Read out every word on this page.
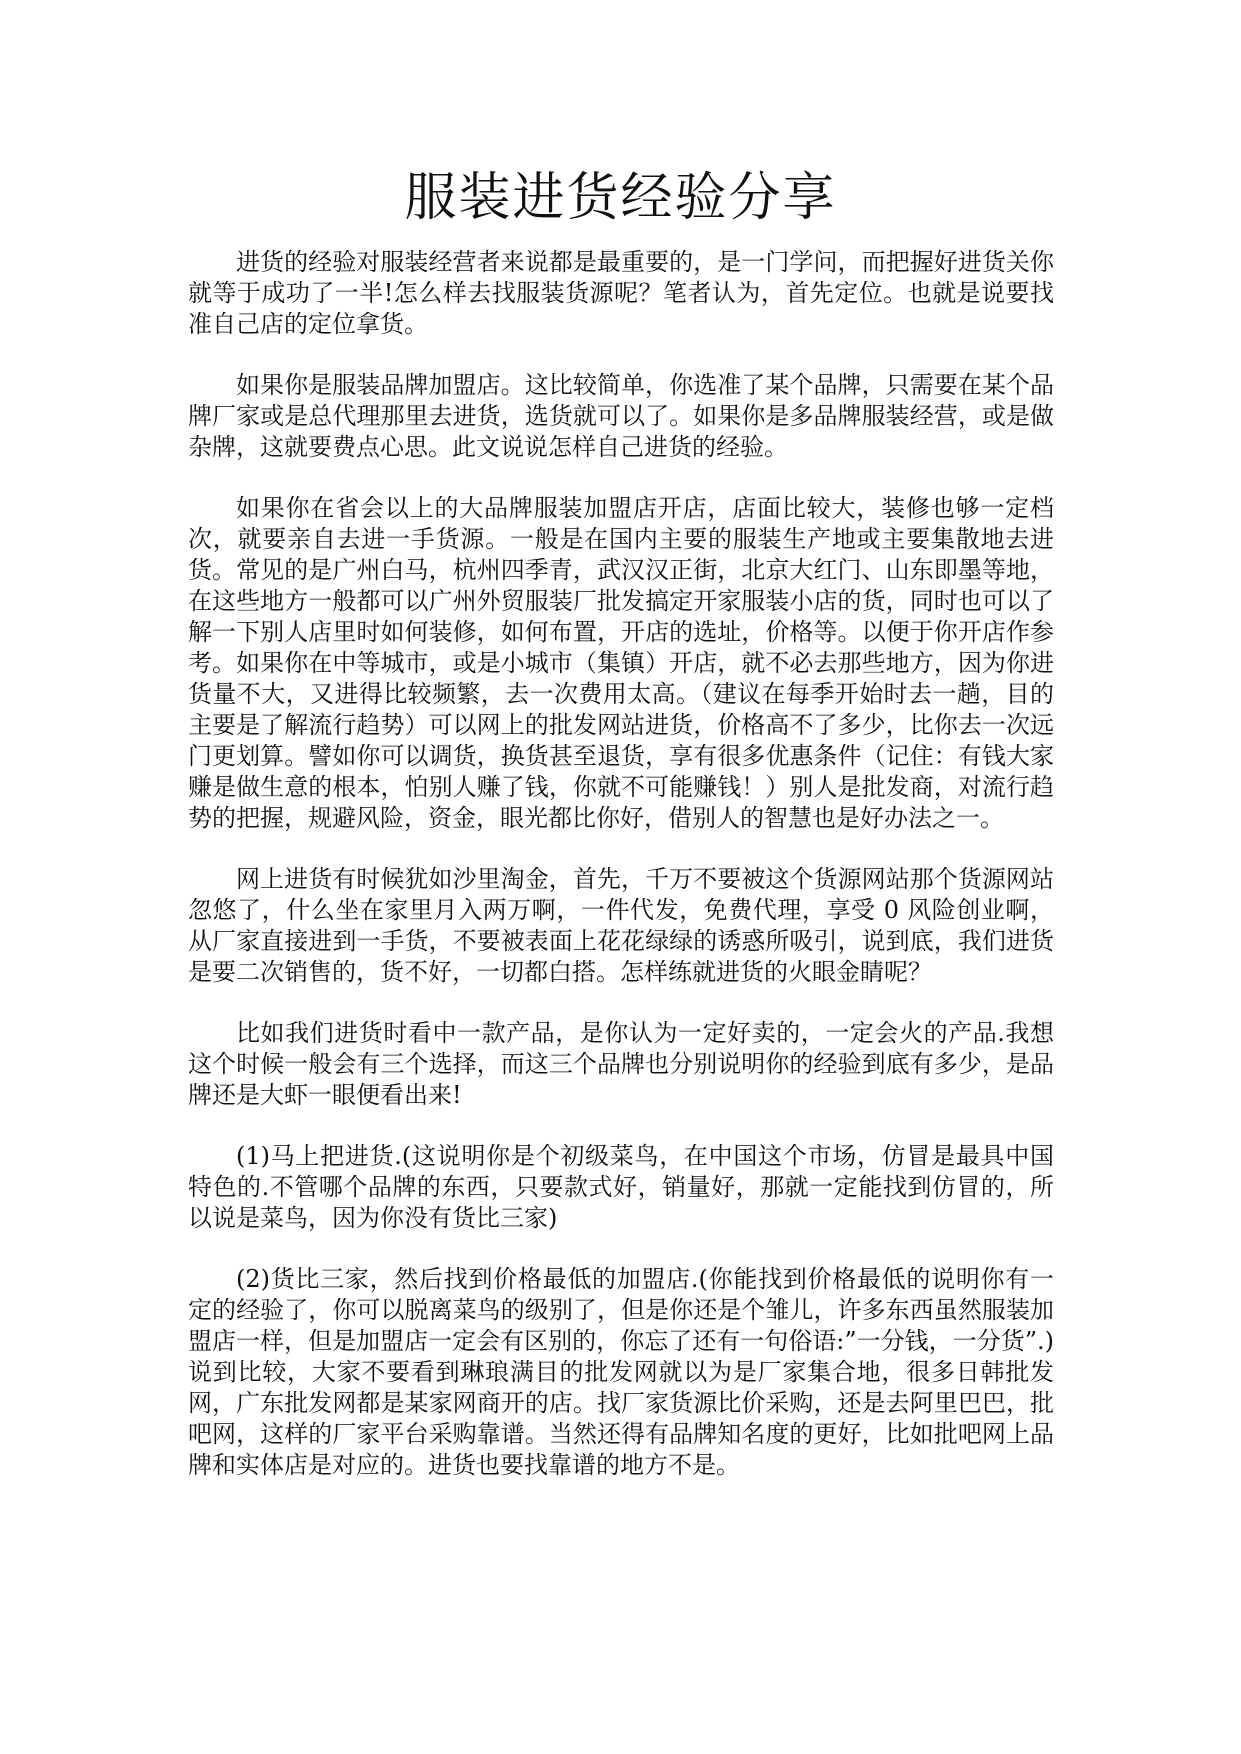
服装进货经验分享

进货的经验对服装经营者来说都是最重要的，是一门学问，而把握好进货关你就等于成功了一半!怎么样去找服装货源呢？笔者认为，首先定位。也就是说要找准自己店的定位拿货。

如果你是服装品牌加盟店。这比较简单，你选准了某个品牌，只需要在某个品牌厂家或是总代理那里去进货，选货就可以了。如果你是多品牌服装经营，或是做杂牌，这就要费点心思。此文说说怎样自己进货的经验。

如果你在省会以上的大品牌服装加盟店开店，店面比较大，装修也够一定档次，就要亲自去进一手货源。一般是在国内主要的服装生产地或主要集散地去进货。常见的是广州白马，杭州四季青，武汉汉正街，北京大红门、山东即墨等地，在这些地方一般都可以广州外贸服装厂批发搞定开家服装小店的货，同时也可以了解一下别人店里时如何装修，如何布置，开店的选址，价格等。以便于你开店作参考。如果你在中等城市，或是小城市（集镇）开店，就不必去那些地方，因为你进货量不大，又进得比较频繁，去一次费用太高。（建议在每季开始时去一趟，目的主要是了解流行趋势）可以网上的批发网站进货，价格高不了多少，比你去一次远门更划算。譬如你可以调货，换货甚至退货，享有很多优惠条件（记住：有钱大家赚是做生意的根本，怕别人赚了钱，你就不可能赚钱！）别人是批发商，对流行趋势的把握，规避风险，资金，眼光都比你好，借别人的智慧也是好办法之一。

网上进货有时候犹如沙里淘金，首先，千万不要被这个货源网站那个货源网站忽悠了，什么坐在家里月入两万啊，一件代发，免费代理，享受 0 风险创业啊，从厂家直接进到一手货，不要被表面上花花绿绿的诱惑所吸引，说到底，我们进货是要二次销售的，货不好，一切都白搭。怎样练就进货的火眼金睛呢？

比如我们进货时看中一款产品，是你认为一定好卖的，一定会火的产品.我想这个时候一般会有三个选择，而这三个品牌也分别说明你的经验到底有多少，是品牌还是大虾一眼便看出来!

(1)马上把进货.(这说明你是个初级菜鸟，在中国这个市场，仿冒是最具中国特色的.不管哪个品牌的东西，只要款式好，销量好，那就一定能找到仿冒的，所以说是菜鸟，因为你没有货比三家)

(2)货比三家，然后找到价格最低的加盟店.(你能找到价格最低的说明你有一定的经验了，你可以脱离菜鸟的级别了，但是你还是个雏儿，许多东西虽然服装加盟店一样，但是加盟店一定会有区别的，你忘了还有一句俗语:”一分钱，一分货”.)说到比较，大家不要看到琳琅满目的批发网就以为是厂家集合地，很多日韩批发网，广东批发网都是某家网商开的店。找厂家货源比价采购，还是去阿里巴巴，批吧网，这样的厂家平台采购靠谱。当然还得有品牌知名度的更好，比如批吧网上品牌和实体店是对应的。进货也要找靠谱的地方不是。
